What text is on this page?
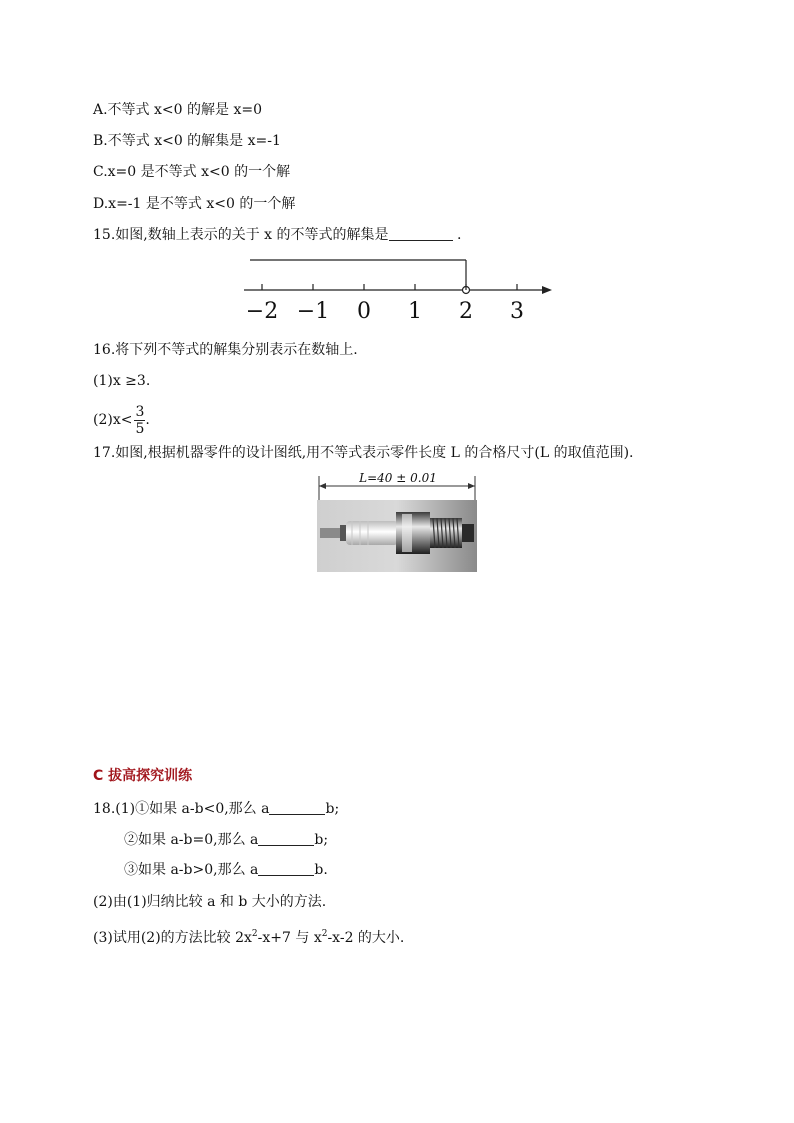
A.不等式 x<0 的解是 x=0
B.不等式 x<0 的解集是 x=-1
C.x=0 是不等式 x<0 的一个解
D.x=-1 是不等式 x<0 的一个解
15.如图,数轴上表示的关于 x 的不等式的解集是	.
−2 −1 0 1 2 3
16.将下列不等式的解集分别表示在数轴上.
(1)x ≥3.
$(2)x< \frac{3}{5}$ .
17.如图,根据机器零件的设计图纸,用不等式表示零件长度 L 的合格尺寸(L 的取值范围).
L=40 ± 0.01
C 拔高探究训练
18.(1)①如果 a-b<0,那么 a	b;
②如果 a-b=0,那么 a	b;
③如果 a-b>0,那么 a	b.
(2)由(1)归纳比较 a 和 b 大小的方法.
(3)试用(2)的方法比较 $2x^2-x+7$ 与 $x^2-x-2$ 的大小.
